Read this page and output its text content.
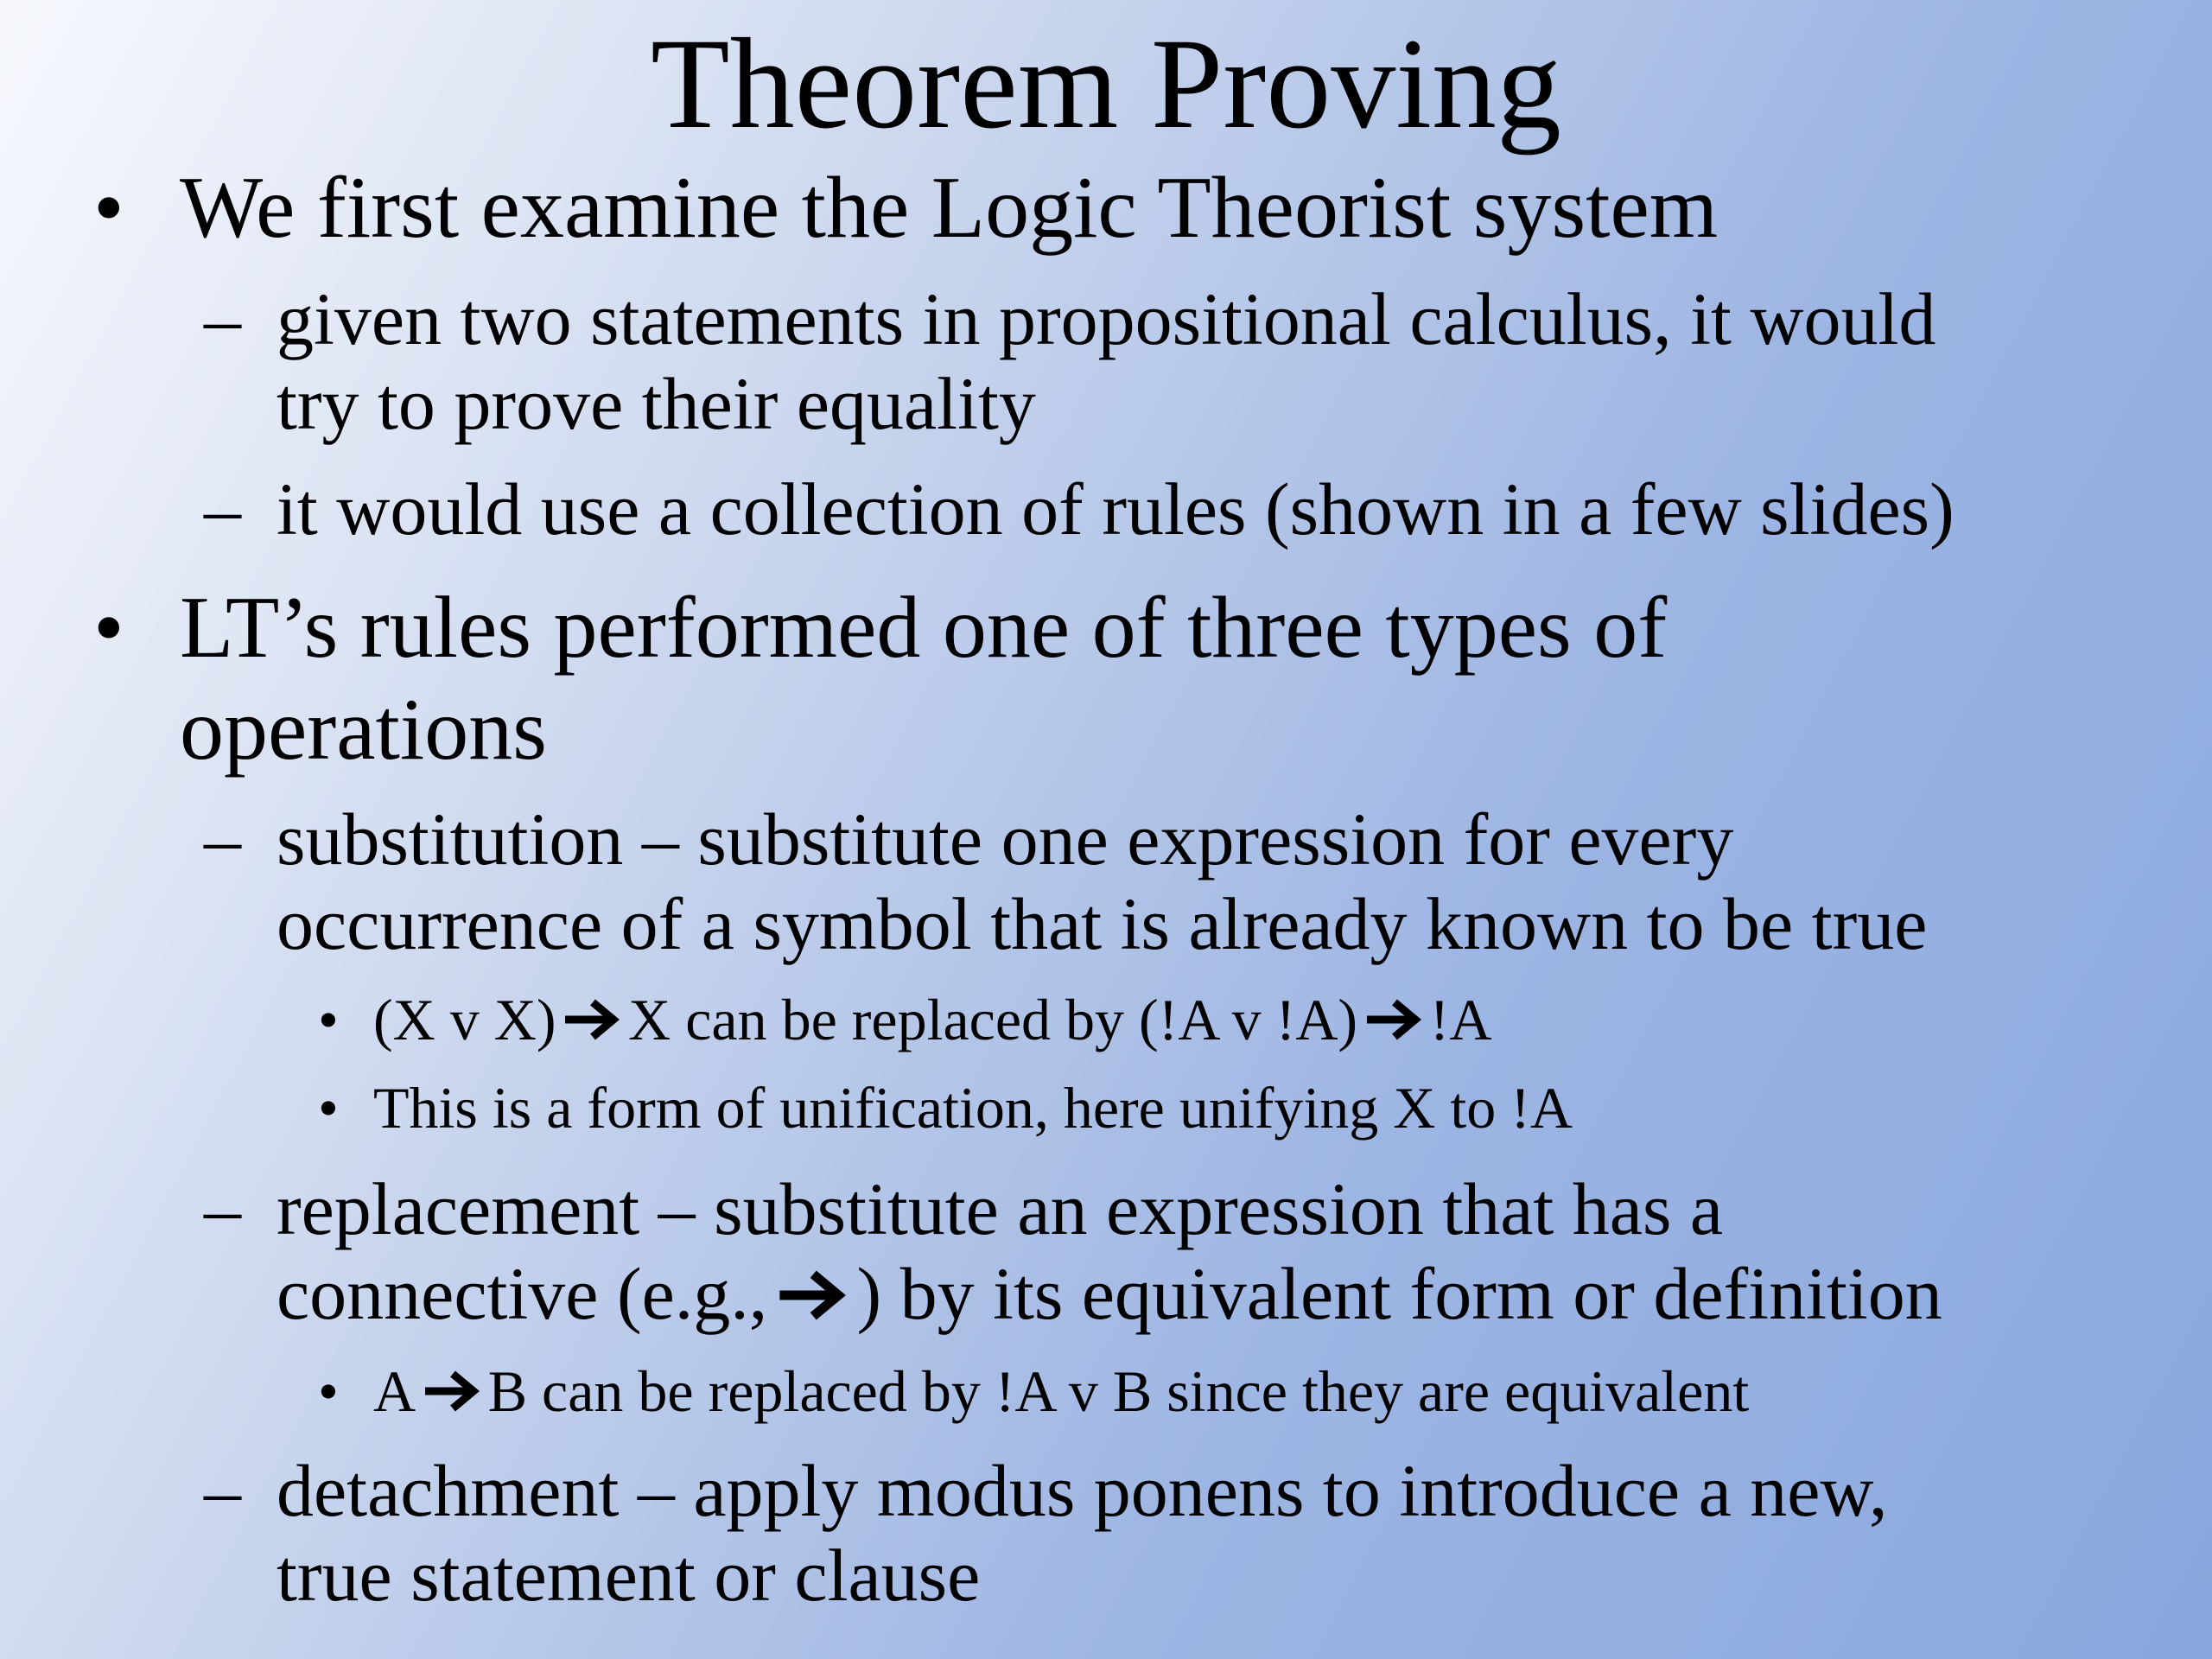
Theorem Proving
• We first examine the Logic Theorist system
– given two statements in propositional calculus, it would
try to prove their equality
– it would use a collection of rules (shown in a few slides)
• LT’s rules performed one of three types of
operations
– substitution – substitute one expression for every
occurrence of a symbol that is already known to be true
• (X v X) X can be replaced by (!A v !A) !A
• This is a form of unification, here unifying X to !A
– replacement – substitute an expression that has a
connective (e.g., ) by its equivalent form or definition
• A B can be replaced by !A v B since they are equivalent
– detachment – apply modus ponens to introduce a new,
true statement or clause
